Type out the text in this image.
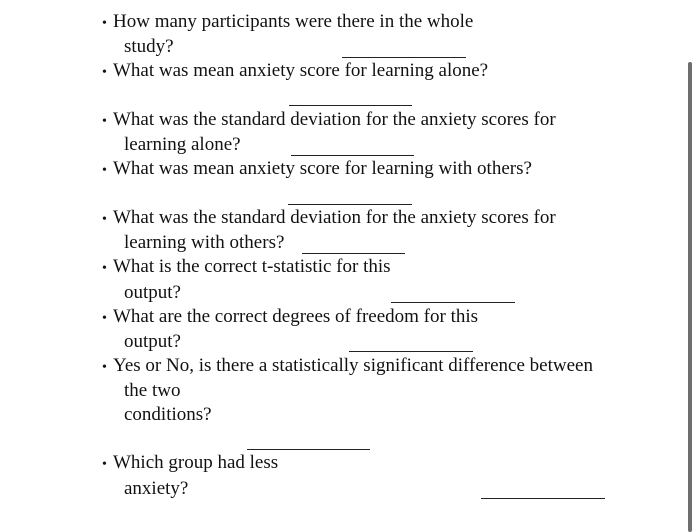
• How many participants were there in the whole
study?
• What was mean anxiety score for learning alone?
• What was the standard deviation for the anxiety scores for
learning alone?
• What was mean anxiety score for learning with others?
• What was the standard deviation for the anxiety scores for
learning with others?
• What is the correct t-statistic for this
output?
• What are the correct degrees of freedom for this
output?
• Yes or No, is there a statistically significant difference between
the two
conditions?
• Which group had less
anxiety?
